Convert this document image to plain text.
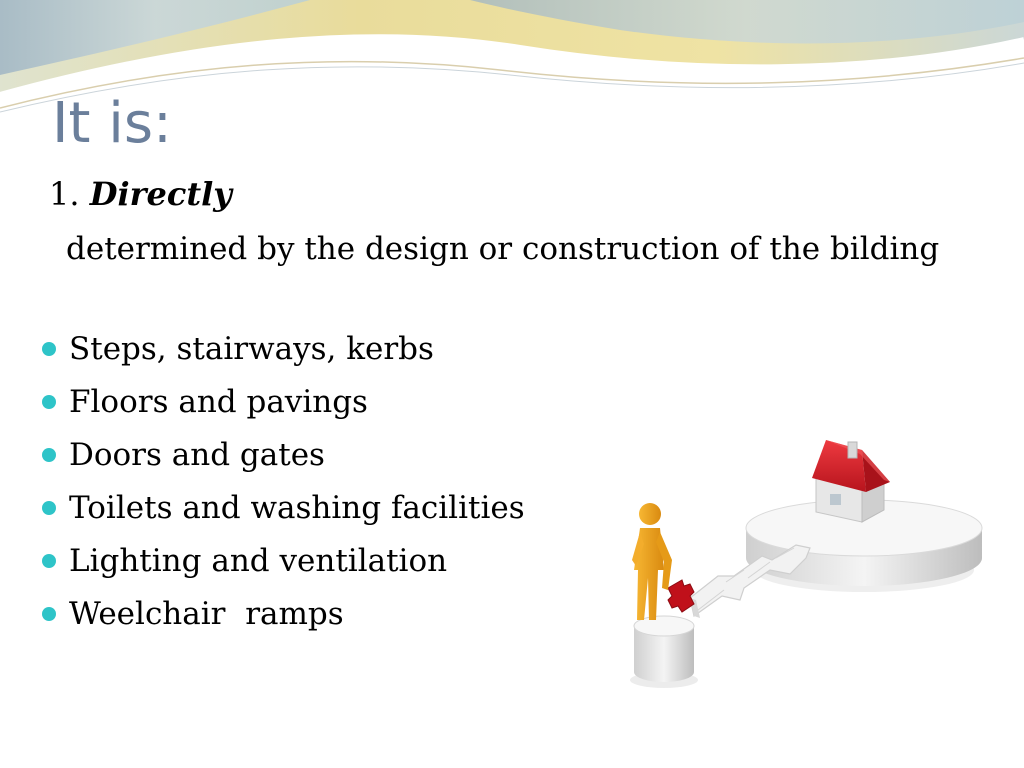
It is:

1. Directly

determined by the design or construction of the bilding

Steps, stairways, kerbs
Floors and pavings
Doors and gates
Toilets and washing facilities
Lighting and ventilation
Weelchair  ramps
